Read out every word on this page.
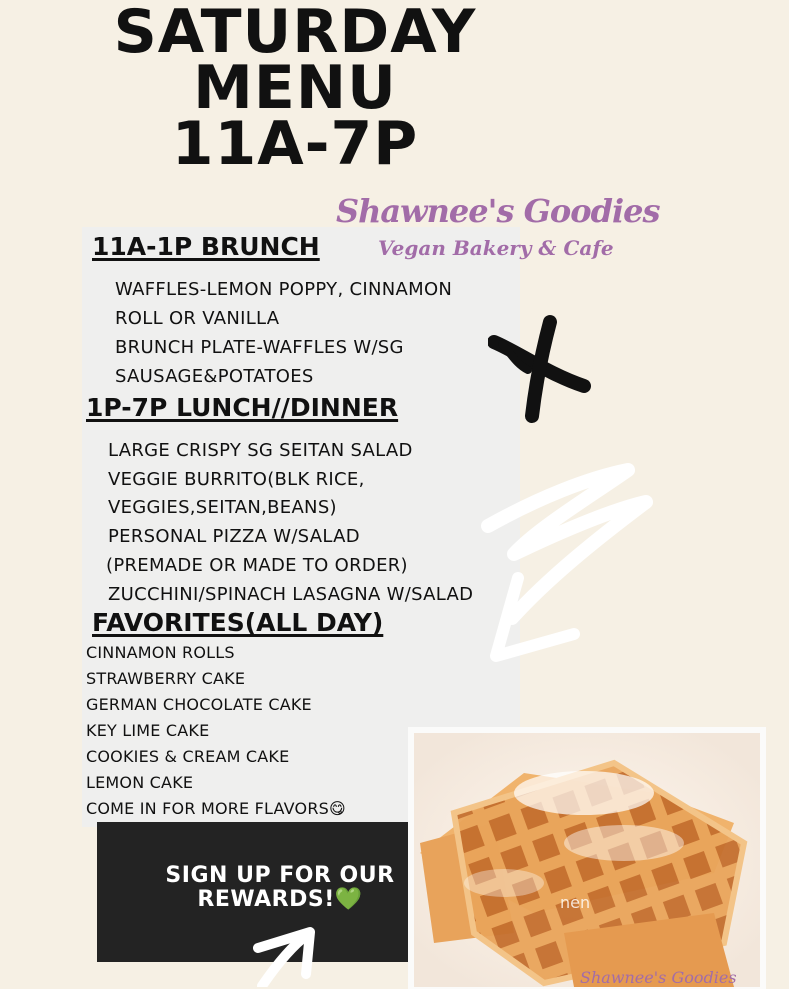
SATURDAY
MENU
11A-7P
Shawnee's Goodies
Vegan Bakery & Cafe
11A-1P BRUNCH
WAFFLES-LEMON POPPY, CINNAMON
ROLL OR VANILLA
BRUNCH PLATE-WAFFLES W/SG
SAUSAGE&POTATOES
1P-7P LUNCH//DINNER
LARGE CRISPY SG SEITAN SALAD
VEGGIE BURRITO(BLK RICE,
VEGGIES,SEITAN,BEANS)
PERSONAL PIZZA W/SALAD
(PREMADE OR MADE TO ORDER)
ZUCCHINI/SPINACH LASAGNA W/SALAD
FAVORITES(ALL DAY)
CINNAMON ROLLS
STRAWBERRY CAKE
GERMAN CHOCOLATE CAKE
KEY LIME CAKE
COOKIES & CREAM CAKE
LEMON CAKE
COME IN FOR MORE FLAVORS😋
SIGN UP FOR OUR
REWARDS!💚	nen
Shawnee's Goodies
